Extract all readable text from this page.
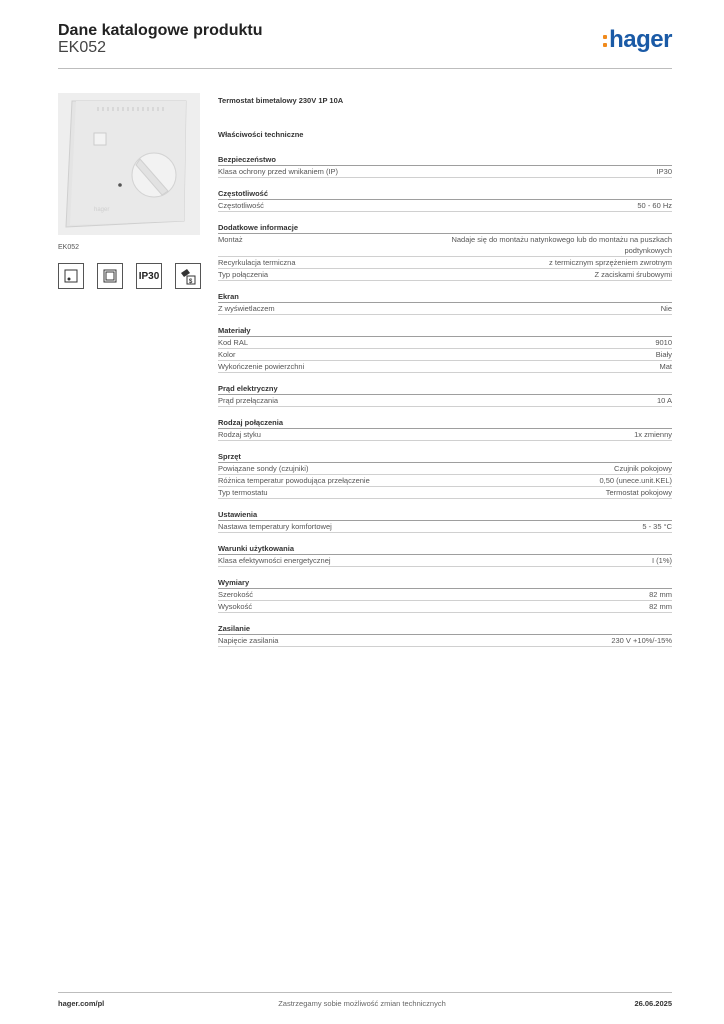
Dane katalogowe produktu
EK052	hager
hager
EK052
IP30
$
Termostat bimetalowy 230V 1P 10A
Właściwości techniczne
Bezpieczeństwo
Klasa ochrony przed wnikaniem (IP)	IP30
Częstotliwość
Częstotliwość	50 - 60 Hz
Dodatkowe informacje
Montaż	Nadaje się do montażu natynkowego lub do montażu na puszkach podtynkowych
Recyrkulacja termiczna	z termicznym sprzężeniem zwrotnym
Typ połączenia	Z zaciskami śrubowymi
Ekran
Z wyświetlaczem	Nie
Materiały
Kod RAL	9010
Kolor	Biały
Wykończenie powierzchni	Mat
Prąd elektryczny
Prąd przełączania	10 A
Rodzaj połączenia
Rodzaj styku	1x zmienny
Sprzęt
Powiązane sondy (czujniki)	Czujnik pokojowy
Różnica temperatur powodująca przełączenie	0,50 (unece.unit.KEL)
Typ termostatu	Termostat pokojowy
Ustawienia
Nastawa temperatury komfortowej	5 - 35 °C
Warunki użytkowania
Klasa efektywności energetycznej	I (1%)
Wymiary
Szerokość	82 mm
Wysokość	82 mm
Zasilanie
Napięcie zasilania	230 V +10%/-15%
hager.com/pl	Zastrzegamy sobie możliwość zmian technicznych	26.06.2025
